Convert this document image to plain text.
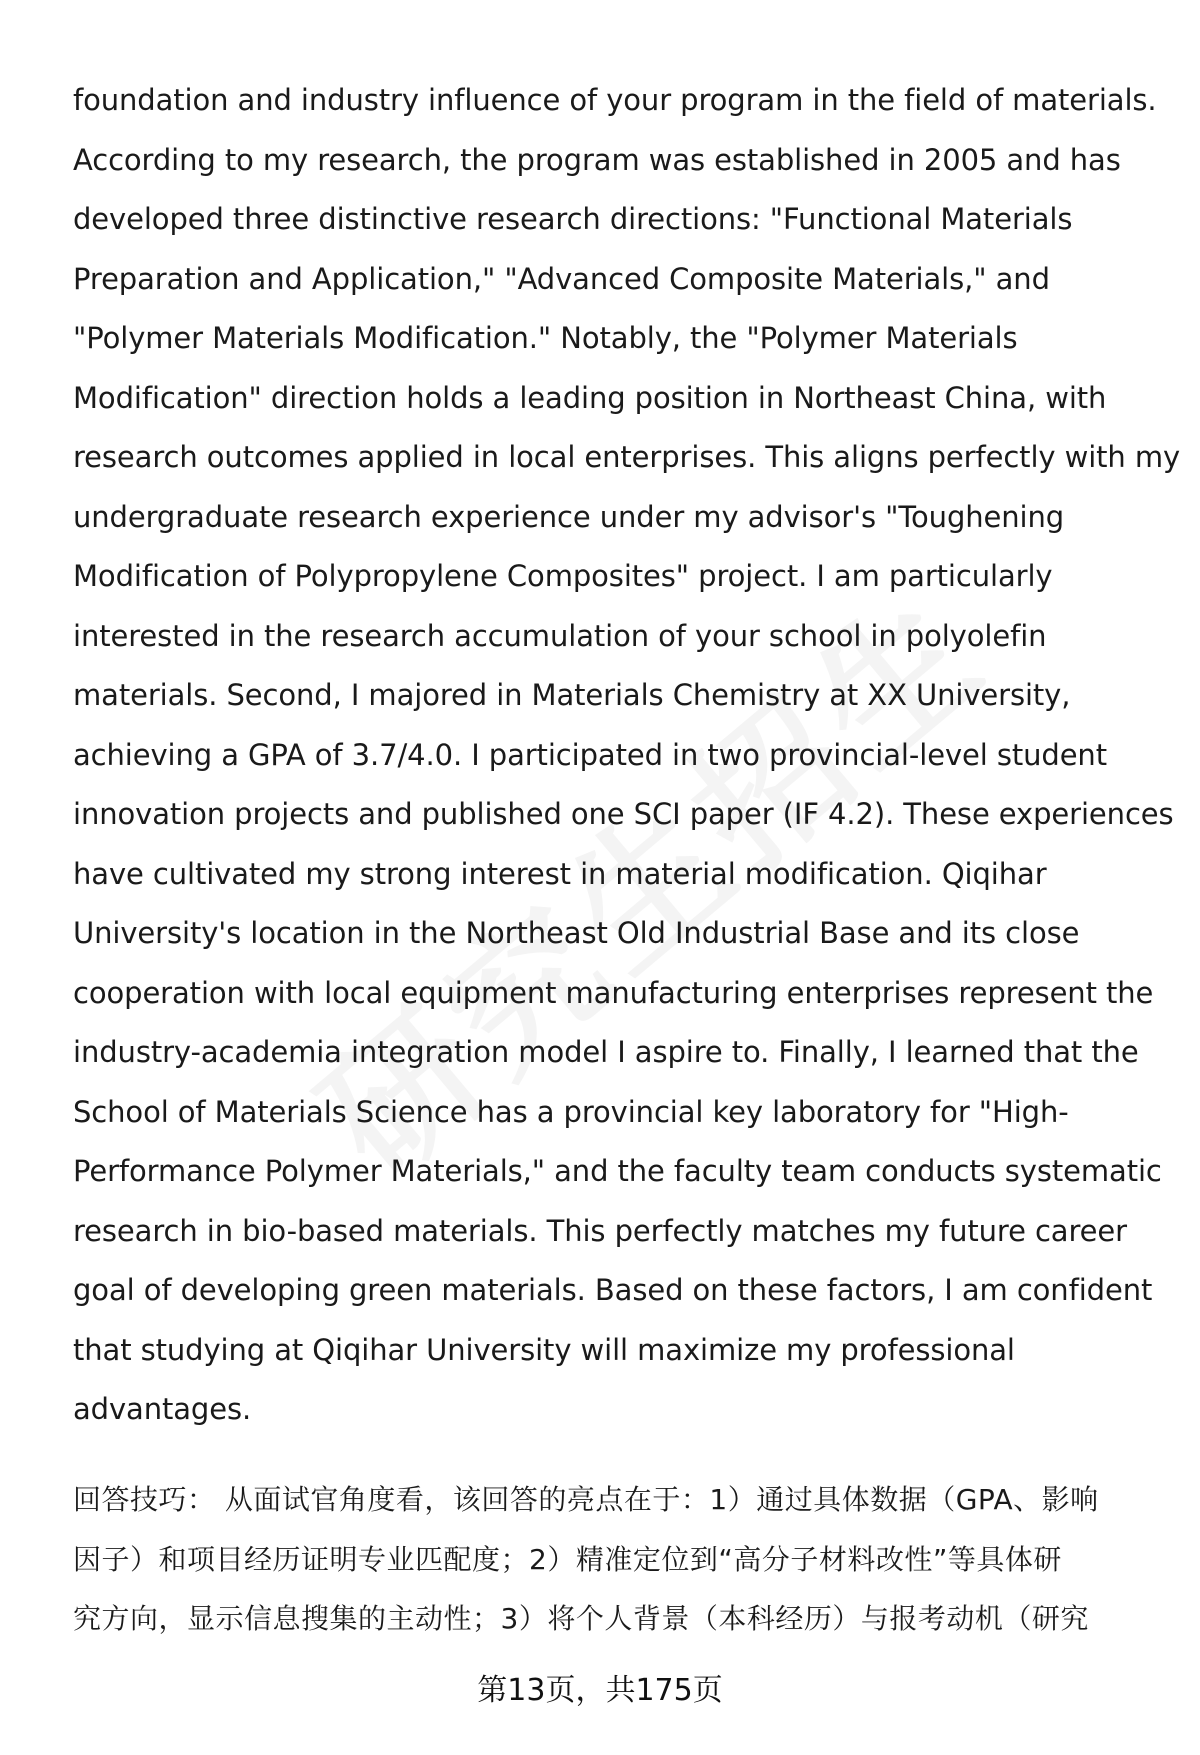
foundation and industry influence of your program in the field of materials.
According to my research, the program was established in 2005 and has
developed three distinctive research directions: "Functional Materials
Preparation and Application," "Advanced Composite Materials," and
"Polymer Materials Modification." Notably, the "Polymer Materials
Modification" direction holds a leading position in Northeast China, with
research outcomes applied in local enterprises. This aligns perfectly with my
undergraduate research experience under my advisor's "Toughening
Modification of Polypropylene Composites" project. I am particularly
interested in the research accumulation of your school in polyolefin
materials. Second, I majored in Materials Chemistry at XX University,
achieving a GPA of 3.7/4.0. I participated in two provincial-level student
innovation projects and published one SCI paper (IF 4.2). These experiences
have cultivated my strong interest in material modification. Qiqihar
University's location in the Northeast Old Industrial Base and its close
cooperation with local equipment manufacturing enterprises represent the
industry-academia integration model I aspire to. Finally, I learned that the
School of Materials Science has a provincial key laboratory for "High-
Performance Polymer Materials," and the faculty team conducts systematic
research in bio-based materials. This perfectly matches my future career
goal of developing green materials. Based on these factors, I am confident
that studying at Qiqihar University will maximize my professional
advantages.
回答技巧： 从面试官角度看，该回答的亮点在于：1）通过具体数据（GPA、影响
因子）和项目经历证明专业匹配度；2）精准定位到“高分子材料改性”等具体研
究方向，显示信息搜集的主动性；3）将个人背景（本科经历）与报考动机（研究
第13页，共175页
